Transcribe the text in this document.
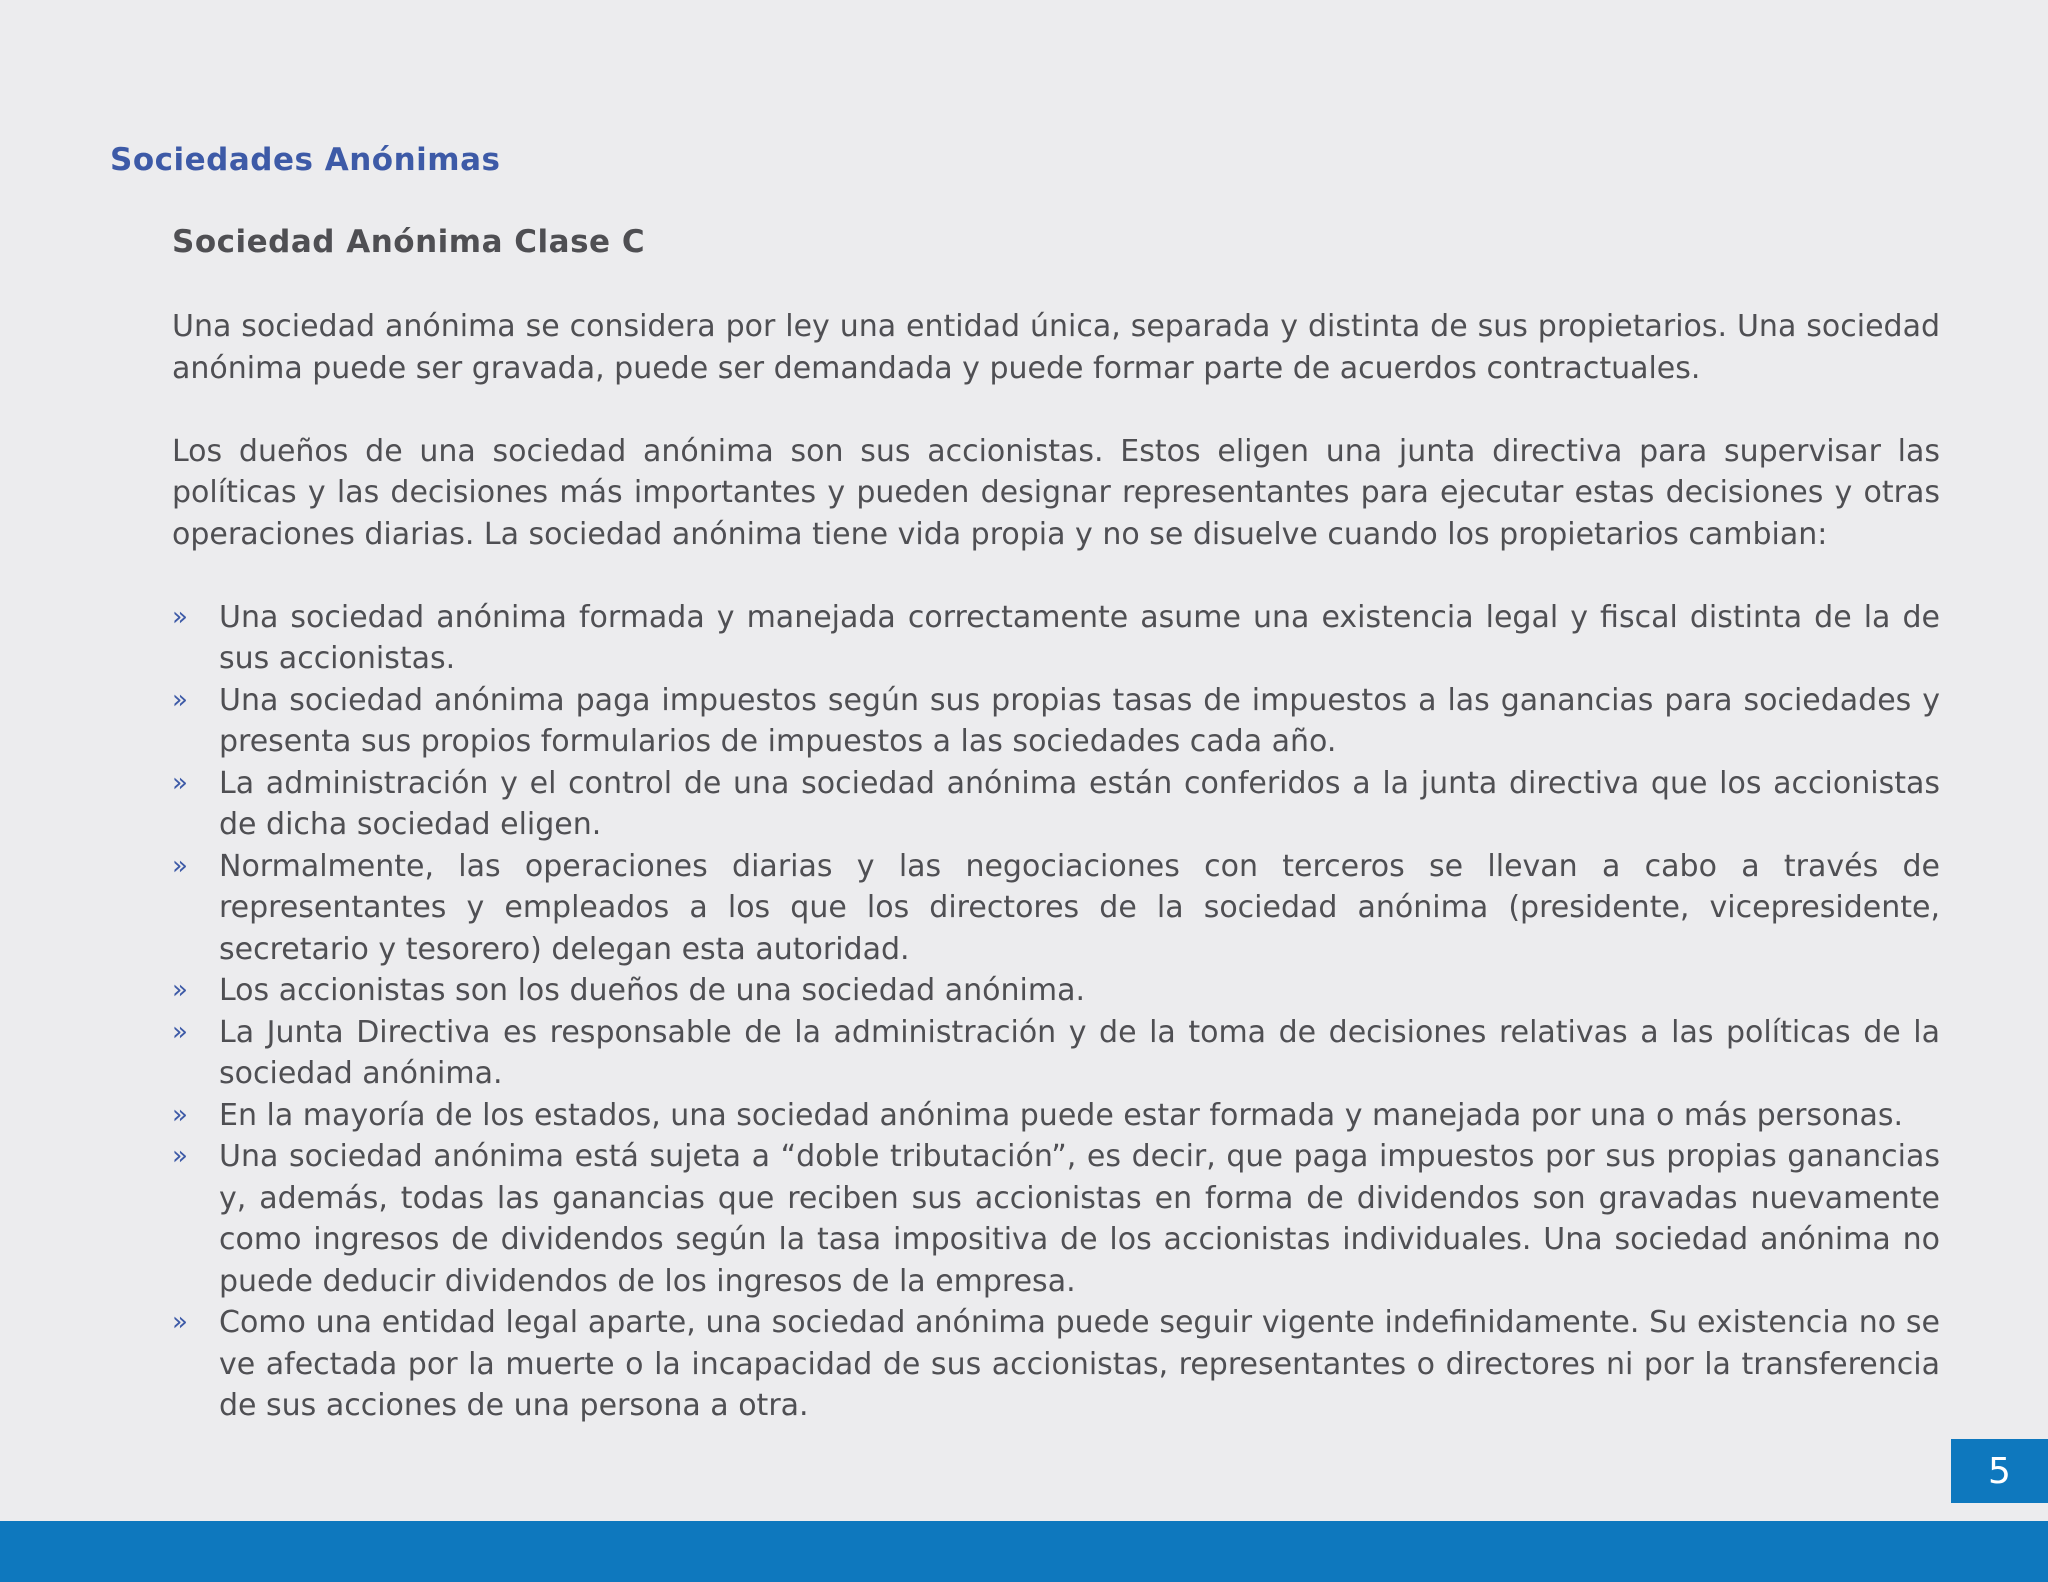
Sociedades Anónimas
Sociedad Anónima Clase C

Una sociedad anónima se considera por ley una entidad única, separada y distinta de sus propietarios. Una sociedad anónima puede ser gravada, puede ser demandada y puede formar parte de acuerdos contractuales.

Los dueños de una sociedad anónima son sus accionistas. Estos eligen una junta directiva para supervisar las políticas y las decisiones más importantes y pueden designar representantes para ejecutar estas decisiones y otras operaciones diarias. La sociedad anónima tiene vida propia y no se disuelve cuando los propietarios cambian:

» Una sociedad anónima formada y manejada correctamente asume una existencia legal y fiscal distinta de la de sus accionistas.
» Una sociedad anónima paga impuestos según sus propias tasas de impuestos a las ganancias para sociedades y presenta sus propios formularios de impuestos a las sociedades cada año.
» La administración y el control de una sociedad anónima están conferidos a la junta directiva que los accionistas de dicha sociedad eligen.
» Normalmente, las operaciones diarias y las negociaciones con terceros se llevan a cabo a través de representantes y empleados a los que los directores de la sociedad anónima (presidente, vicepresidente, secretario y tesorero) delegan esta autoridad.
» Los accionistas son los dueños de una sociedad anónima.
» La Junta Directiva es responsable de la administración y de la toma de decisiones relativas a las políticas de la sociedad anónima.
» En la mayoría de los estados, una sociedad anónima puede estar formada y manejada por una o más personas.
» Una sociedad anónima está sujeta a “doble tributación”, es decir, que paga impuestos por sus propias ganancias y, además, todas las ganancias que reciben sus accionistas en forma de dividendos son gravadas nuevamente como ingresos de dividendos según la tasa impositiva de los accionistas individuales. Una sociedad anónima no puede deducir dividendos de los ingresos de la empresa.
» Como una entidad legal aparte, una sociedad anónima puede seguir vigente indefinidamente. Su existencia no se ve afectada por la muerte o la incapacidad de sus accionistas, representantes o directores ni por la transferencia de sus acciones de una persona a otra.
5
